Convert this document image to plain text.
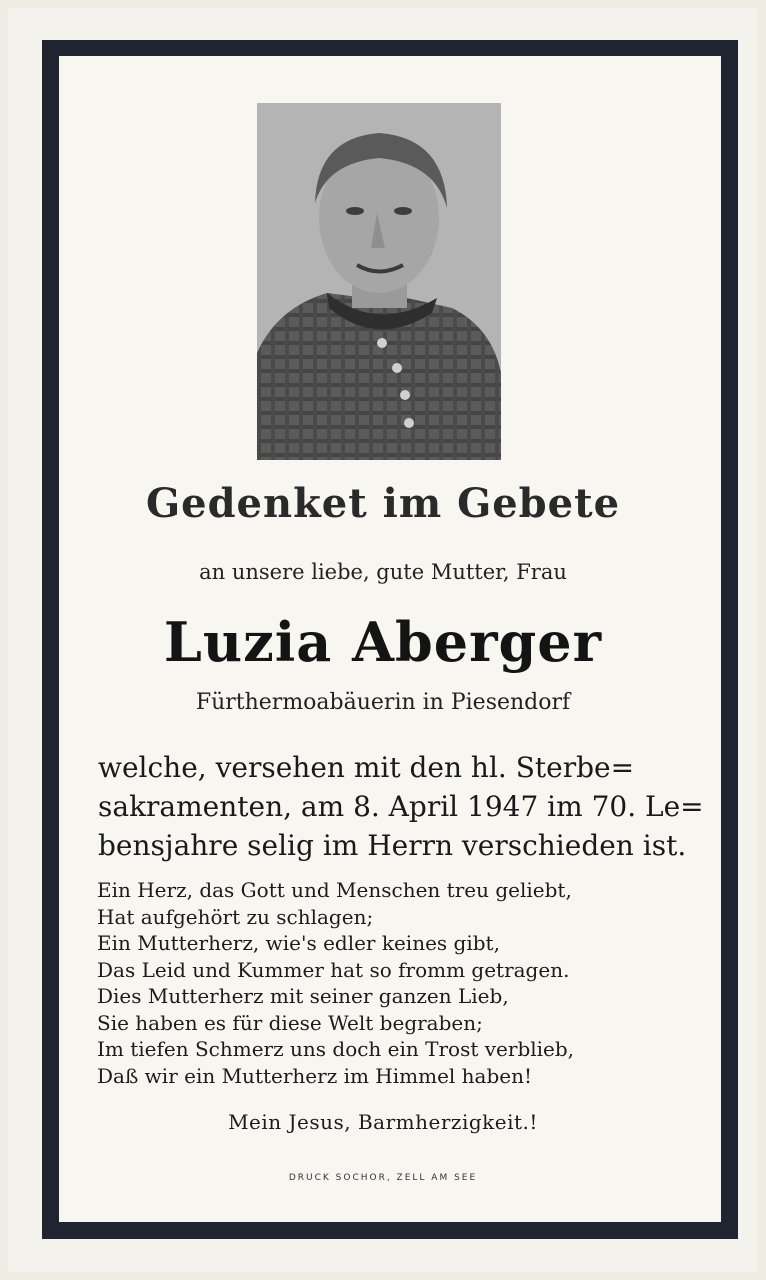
Gedenket im Gebete
an unsere liebe, gute Mutter, Frau
Luzia Aberger
Fürthermoabäuerin in Piesendorf
welche, versehen mit den hl. Sterbe=
sakramenten, am 8. April 1947 im 70. Le=
bensjahre selig im Herrn verschieden ist.
Ein Herz, das Gott und Menschen treu geliebt,
Hat aufgehört zu schlagen;
Ein Mutterherz, wie's edler keines gibt,
Das Leid und Kummer hat so fromm getragen.
Dies Mutterherz mit seiner ganzen Lieb,
Sie haben es für diese Welt begraben;
Im tiefen Schmerz uns doch ein Trost verblieb,
Daß wir ein Mutterherz im Himmel haben!
Mein Jesus, Barmherzigkeit.!
DRUCK SOCHOR, ZELL AM SEE
